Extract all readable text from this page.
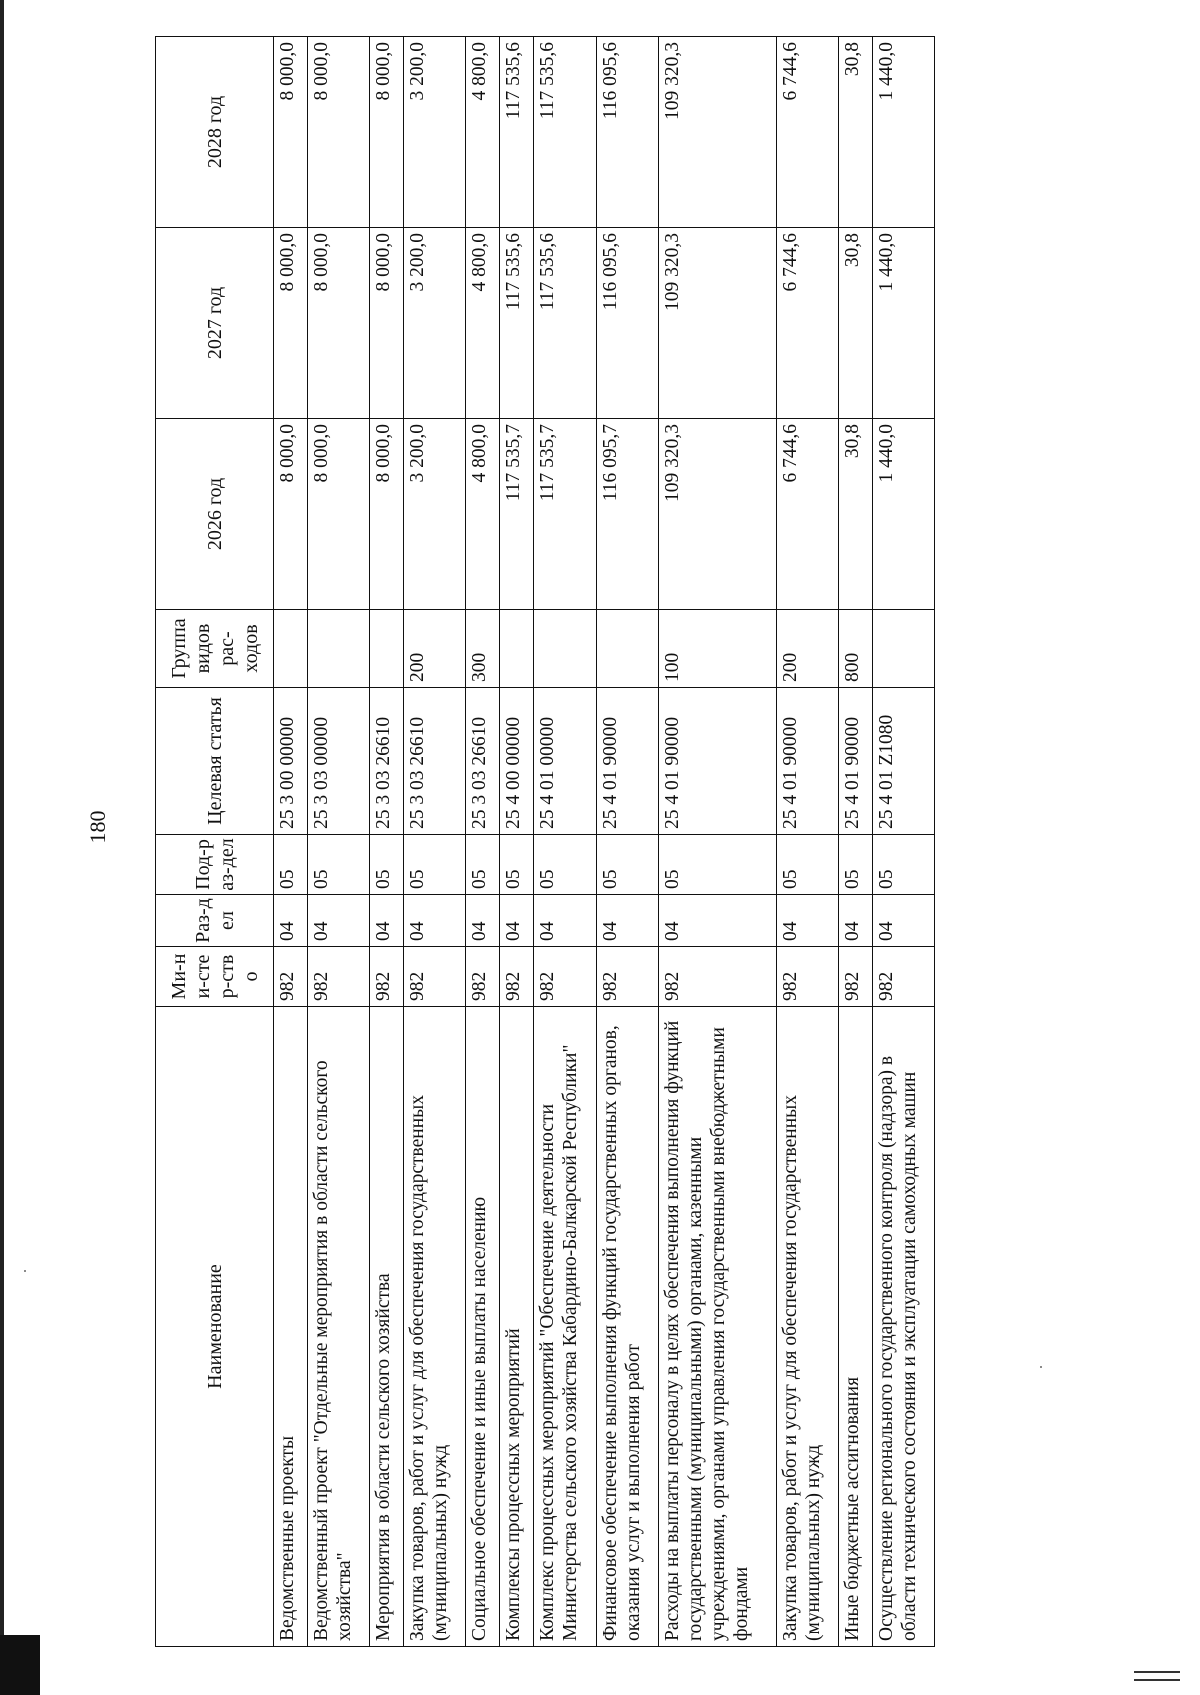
180
Наименование	Ми-ни-стер-ство	Раз-дел	Под-раз-дел	Целевая статья	Группа видов рас-ходов	2026 год	2027 год	2028 год
Ведомственные проекты	982	04	05	25 3 00 00000		8 000,0	8 000,0	8 000,0
Ведомственный проект "Отдельные мероприятия в области сельского хозяйства"	982	04	05	25 3 03 00000		8 000,0	8 000,0	8 000,0
Мероприятия в области сельского хозяйства	982	04	05	25 3 03 26610		8 000,0	8 000,0	8 000,0
Закупка товаров, работ и услуг для обеспечения государственных (муниципальных) нужд	982	04	05	25 3 03 26610	200	3 200,0	3 200,0	3 200,0
Социальное обеспечение и иные выплаты населению	982	04	05	25 3 03 26610	300	4 800,0	4 800,0	4 800,0
Комплексы процессных мероприятий	982	04	05	25 4 00 00000		117 535,7	117 535,6	117 535,6
Комплекс процессных мероприятий "Обеспечение деятельности Министерства сельского хозяйства Кабардино-Балкарской Республики"	982	04	05	25 4 01 00000		117 535,7	117 535,6	117 535,6
Финансовое обеспечение выполнения функций государственных органов, оказания услуг и выполнения работ	982	04	05	25 4 01 90000		116 095,7	116 095,6	116 095,6
Расходы на выплаты персоналу в целях обеспечения выполнения функций государственными (муниципальными) органами, казенными учреждениями, органами управления государственными внебюджетными фондами	982	04	05	25 4 01 90000	100	109 320,3	109 320,3	109 320,3
Закупка товаров, работ и услуг для обеспечения государственных (муниципальных) нужд	982	04	05	25 4 01 90000	200	6 744,6	6 744,6	6 744,6
Иные бюджетные ассигнования	982	04	05	25 4 01 90000	800	30,8	30,8	30,8
Осуществление регионального государственного контроля (надзора) в области технического состояния и эксплуатации самоходных машин	982	04	05	25 4 01 Z1080		1 440,0	1 440,0	1 440,0
